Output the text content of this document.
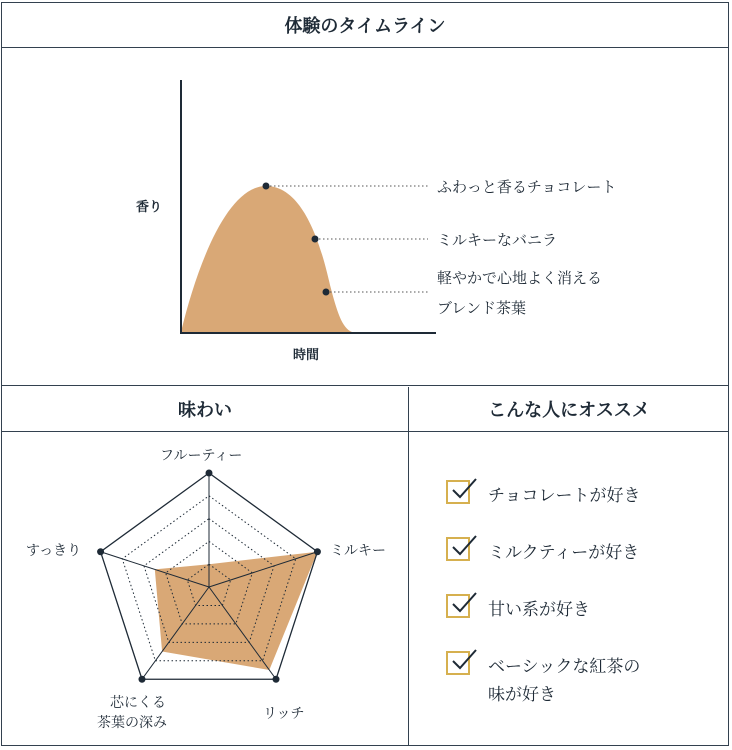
体験のタイムライン
味わい	こんな人にオススメ
香り
時間
ふわっと香るチョコレート
ミルキーなバニラ
軽やかで心地よく消える
ブレンド茶葉
フルーティー
ミルキー
リッチ
芯にくる
茶葉の深み
すっきり
チョコレートが好き
ミルクティーが好き
甘い系が好き
ベーシックな紅茶の
味が好き
